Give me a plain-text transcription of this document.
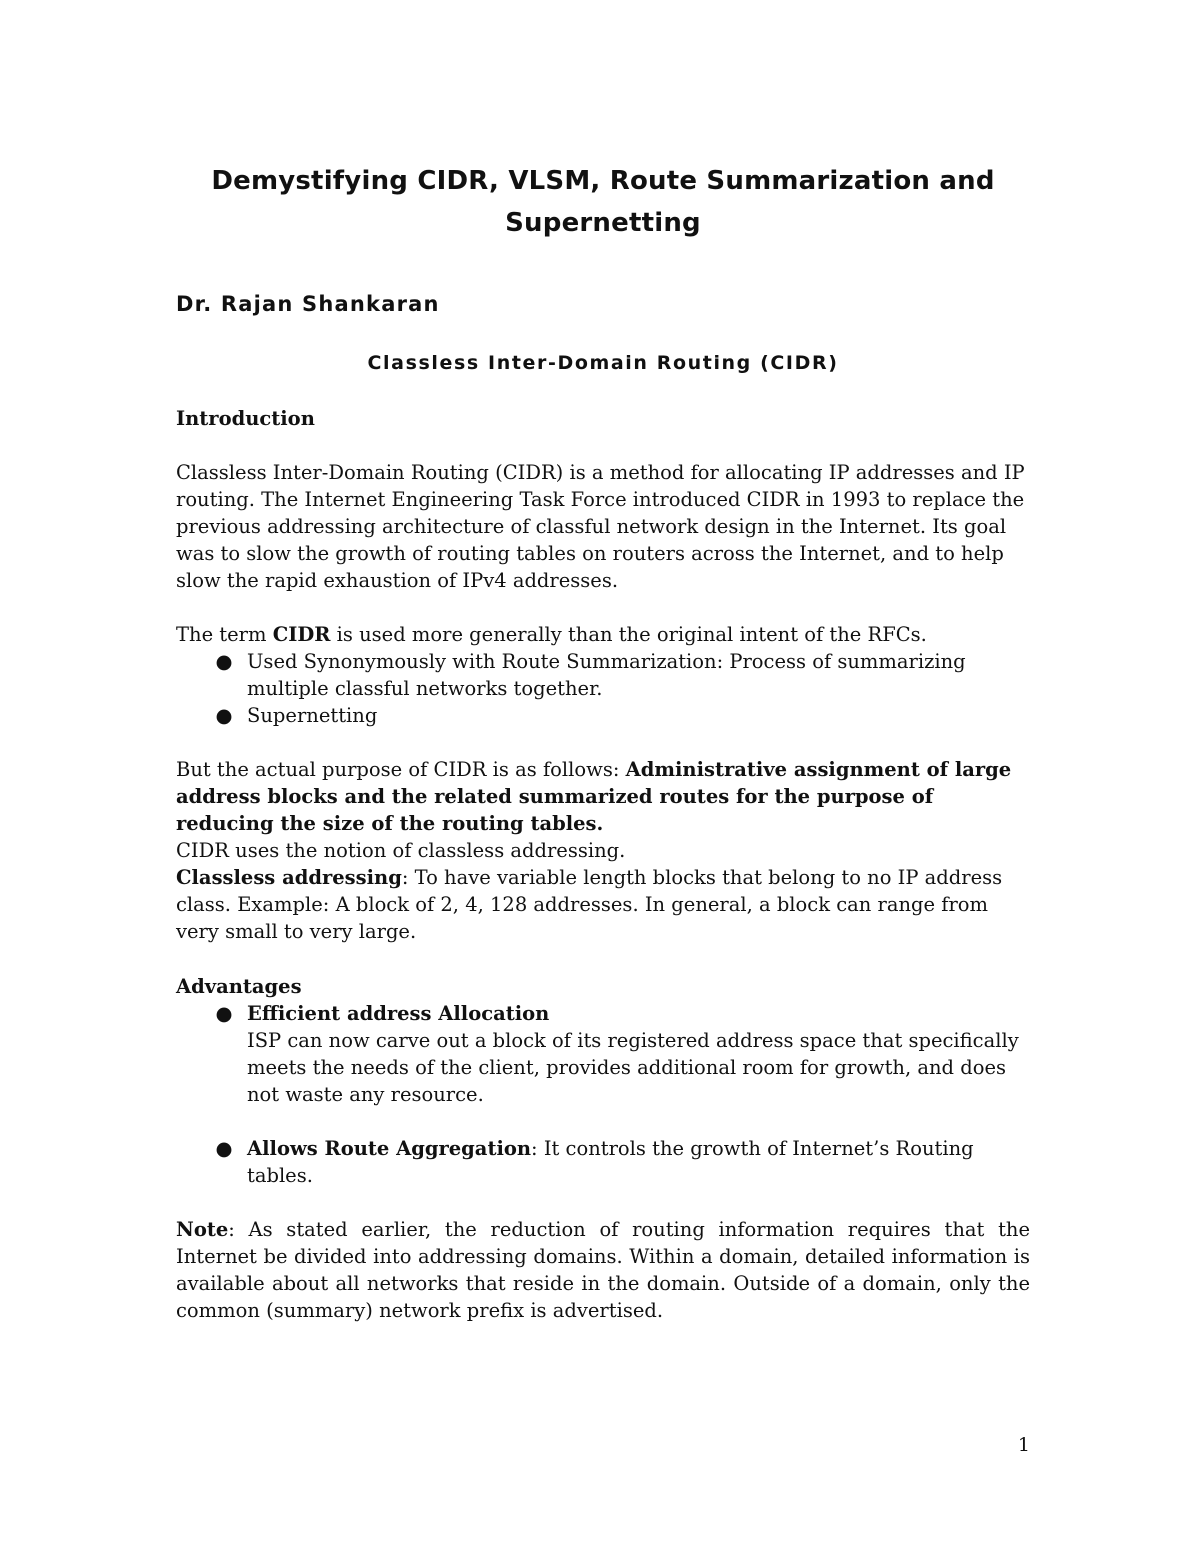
Demystifying CIDR, VLSM, Route Summarization and
Supernetting
Dr. Rajan Shankaran
Classless Inter-Domain Routing (CIDR)
Introduction

Classless Inter-Domain Routing (CIDR) is a method for allocating IP addresses and IP routing. The Internet Engineering Task Force introduced CIDR in 1993 to replace the previous addressing architecture of classful network design in the Internet. Its goal was to slow the growth of routing tables on routers across the Internet, and to help slow the rapid exhaustion of IPv4 addresses.

The term CIDR is used more generally than the original intent of the RFCs.

● Used Synonymously with Route Summarization: Process of summarizing multiple classful networks together.
● Supernetting

But the actual purpose of CIDR is as follows: Administrative assignment of large address blocks and the related summarized routes for the purpose of reducing the size of the routing tables.

CIDR uses the notion of classless addressing.

Classless addressing: To have variable length blocks that belong to no IP address class. Example: A block of 2, 4, 128 addresses. In general, a block can range from very small to very large.

Advantages
● Efficient address Allocation
ISP can now carve out a block of its registered address space that specifically meets the needs of the client, provides additional room for growth, and does not waste any resource.
● Allows Route Aggregation: It controls the growth of Internet’s Routing tables.

Note: As stated earlier, the reduction of routing information requires that the Internet be divided into addressing domains. Within a domain, detailed information is available about all networks that reside in the domain. Outside of a domain, only the common (summary) network prefix is advertised.

1
